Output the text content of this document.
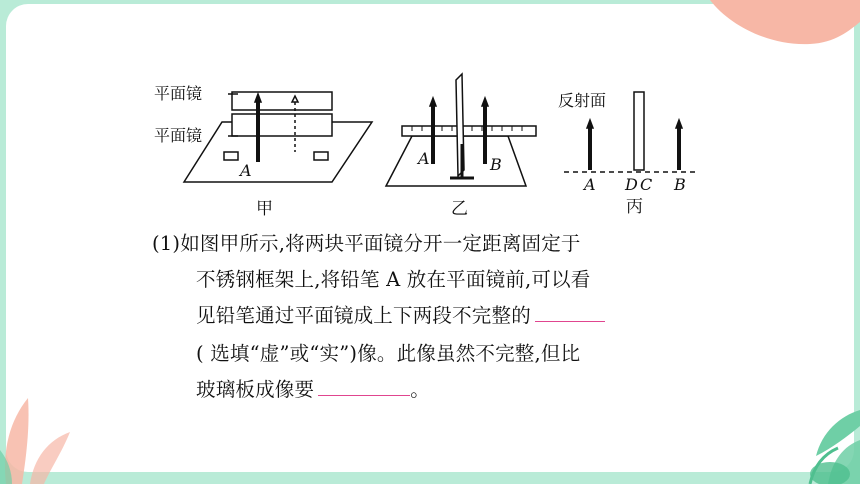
平面镜
平面镜
A
甲
A	B
乙
反射面
A D C B
丙
(1)如图甲所示,将两块平面镜分开一定距离固定于
不锈钢框架上,将铅笔 A 放在平面镜前,可以看
见铅笔通过平面镜成上下两段不完整的
( 选填“虚”或“实”)像。此像虽然不完整,但比
玻璃板成像要	。
